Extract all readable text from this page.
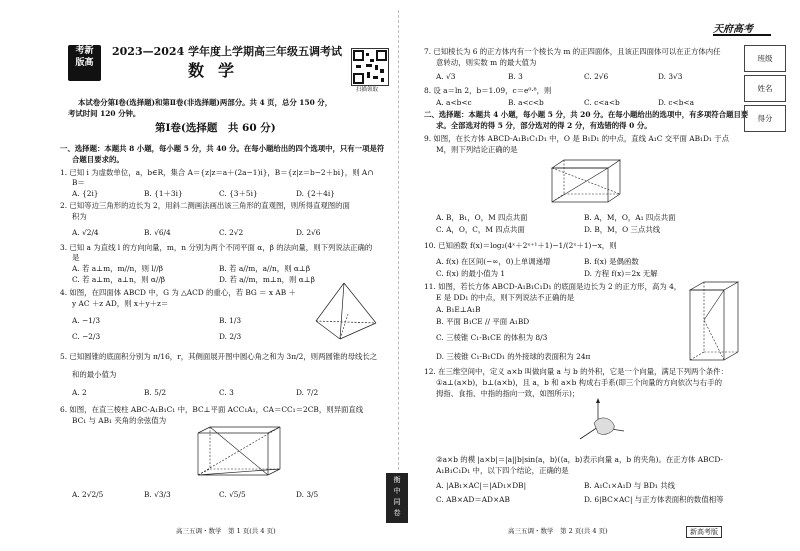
考新
版高
2023—2024 学年度上学期高三年级五调考试
数学
扫描领取
本试卷分第Ⅰ卷(选择题)和第Ⅱ卷(非选择题)两部分。共 4 页，总分 150 分，
考试时间 120 分钟。
第Ⅰ卷(选择题　共 60 分)
一、选择题：本题共 8 小题，每小题 5 分，共 40 分。在每小题给出的四个选项中，只有一项是符
合题目要求的。
1. 已知 i 为虚数单位，a，b∈R，集合 A＝{z|z＝a＋(2a−1)i}，B＝{z|z＝b−2＋bi}，则 A∩
B＝
A. {2i}	B. {1＋3i}	C. {3＋5i}	D. {2＋4i}
2. 已知等边三角形的边长为 2，用斜二测画法画出该三角形的直观图，则所得直观图的面
积为
A. √2/4	B. √6/4	C. 2√2	D. 2√6
3. 已知 a 为直线 l 的方向向量，m，n 分别为两个不同平面 α，β 的法向量，则下列说法正确的
是
A. 若 a⊥m，m//n，则 l//β	B. 若 a//m，a//n，则 α⊥β
C. 若 a⊥m，a⊥n，则 α//β	D. 若 a//m，m⊥n，则 α⊥β
4. 如图，在四面体 ABCD 中，G 为 △ACD 的重心，若 BG ＝ x AB ＋
y AC ＋z AD，则 x＋y＋z＝
A. −1/3	B. 1/3
C. −2/3	D. 2/3
5. 已知圆锥的底面积分别为 π/16，r，其侧面展开图中圆心角之和为 3π/2，则两圆锥的母线长之
和的最小值为
A. 2	B. 5/2	C. 3	D. 7/2
6. 如图，在直三棱柱 ABC-A₁B₁C₁ 中，BC⊥平面 ACC₁A₁，CA＝CC₁＝2CB，则异面直线
BC₁ 与 AB₁ 夹角的余弦值为
A. 2√2/5	B. √3/3	C. √5/5	D. 3/5
高三五调・数学　第 1 页(共 4 页)
衡
中
同
卷
7. 已知棱长为 6 的正方体内有一个棱长为 m 的正四面体，且该正四面体可以在正方体内任
意转动，则实数 m 的最大值为
A. √3	B. 3	C. 2√6	D. 3√3
8. 设 a＝ln 2，b＝1.09，c＝e⁰·⁸，则
A. a<b<c	B. a<c<b	C. c<a<b	D. c<b<a
二、选择题：本题共 4 小题，每小题 5 分，共 20 分。在每小题给出的选项中，有多项符合题目要
求。全部选对的得 5 分，部分选对的得 2 分，有选错的得 0 分。
9. 如图，在长方体 ABCD-A₁B₁C₁D₁ 中，O 是 B₁D₁ 的中点，直线 A₁C 交平面 AB₁D₁ 于点
M，则下列结论正确的是
A. B，B₁，O，M 四点共面	B. A，M，O，A₁ 四点共面
C. A，O，C，M 四点共面	D. B，M，O 三点共线
10. 已知函数 f(x)＝log₂(4ˣ＋2ˣ⁺¹＋1)−1/(2ˣ＋1)−x，则
A. f(x) 在区间(−∞，0)上单调递增	B. f(x) 是偶函数
C. f(x) 的最小值为 1	D. 方程 f(x)＝2x 无解
11. 如图，若长方体 ABCD-A₁B₁C₁D₁ 的底面是边长为 2 的正方形，高为 4，
E 是 DD₁ 的中点，则下列说法不正确的是
A. B₁E⊥A₁B
B. 平面 B₁CE // 平面 A₁BD
C. 三棱锥 C₁-B₁CE 的体积为 8/3
D. 三棱锥 C₁-B₁CD₁ 的外接球的表面积为 24π
12. 在三维空间中，定义 a×b 叫做向量 a 与 b 的外积，它是一个向量，满足下列两个条件：
①a⊥(a×b)，b⊥(a×b)，且 a，b 和 a×b 构成右手系(即三个向量的方向依次与右手的
拇指、食指、中指的指向一致，如图所示)；
②a×b 的模 |a×b|＝|a||b|sin⟨a，b⟩(⟨a，b⟩表示向量 a，b 的夹角)。在正方体 ABCD-
A₁B₁C₁D₁ 中，以下四个结论，正确的是
A. |AB₁×AC|＝|AD₁×DB|	B. A₁C₁×A₁D 与 BD₁ 共线
C. AB×AD＝AD×AB	D. 6|BC×AC| 与正方体表面积的数值相等
高三五调・数学　第 2 页(共 4 页)	新高考版
天府高考
班级
姓名
得分
